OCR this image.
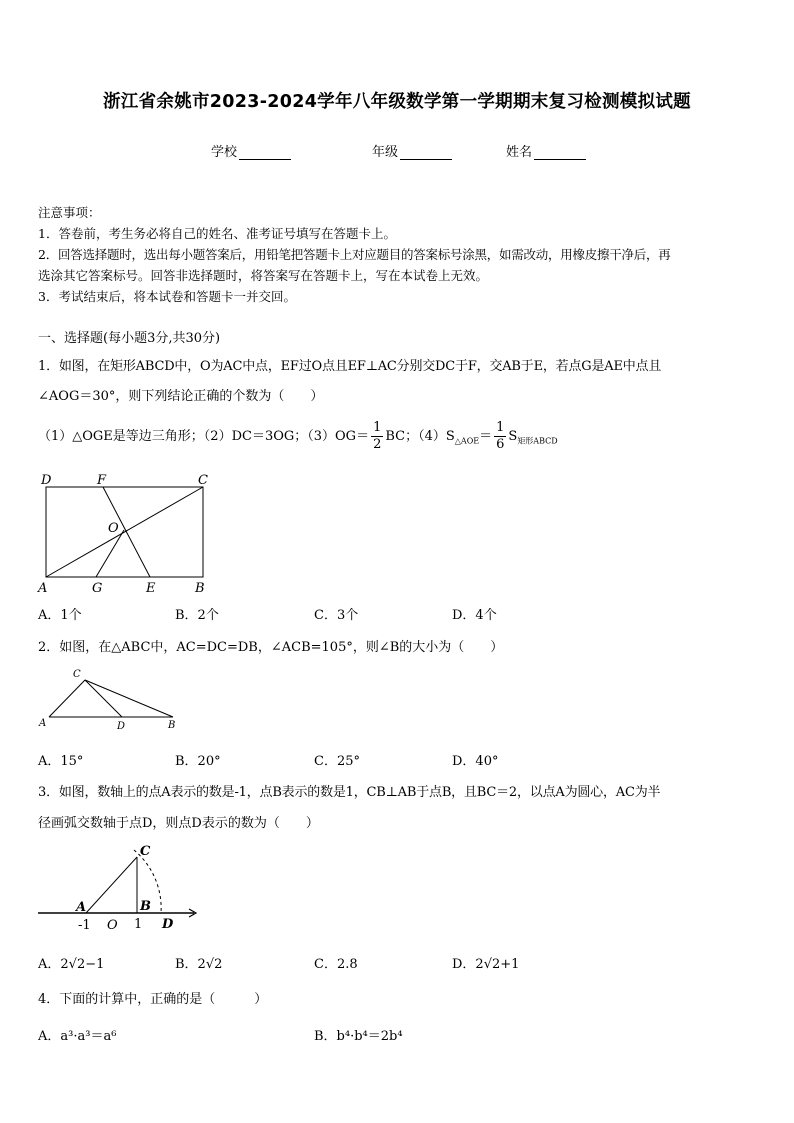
浙江省余姚市2023-2024学年八年级数学第一学期期末复习检测模拟试题
学校	年级	姓名
注意事项：
1．答卷前，考生务必将自己的姓名、准考证号填写在答题卡上。
2．回答选择题时，选出每小题答案后，用铅笔把答题卡上对应题目的答案标号涂黑，如需改动，用橡皮擦干净后，再
选涂其它答案标号。回答非选择题时，将答案写在答题卡上，写在本试卷上无效。
3．考试结束后，将本试卷和答题卡一并交回。
一、选择题(每小题3分,共30分)
1．如图，在矩形ABCD中，O为AC中点，EF过O点且EF⊥AC分别交DC于F，交AB于E，若点G是AE中点且
∠AOG＝30°，则下列结论正确的个数为（　　）
（1）△OGE是等边三角形；（2）DC＝3OG；$(3)OG= \frac{1}{2}$ BC；$(4)S_{\triangle AOE}= \frac{1}{6} S_{矩形ABCD}$
D	F	C
O
A	G	E	B
A．1个	B．2个	C．3个	D．4个
2．如图，在△ABC中，AC=DC=DB，∠ACB=105°，则∠B的大小为（　　）
C
A	D	B
A．15°	B．20°	C．25°	D．40°
3．如图，数轴上的点A表示的数是-1，点B表示的数是1，CB⊥AB于点B，且BC＝2，以点A为圆心，AC为半
径画弧交数轴于点D，则点D表示的数为（　　）
C
A	B
D
-1 O 1
A．2√2−1	B．2√2	C．2.8	D．2√2+1
4．下面的计算中，正确的是（　　　）
A．a³·a³＝a⁶	B．b⁴·b⁴＝2b⁴
